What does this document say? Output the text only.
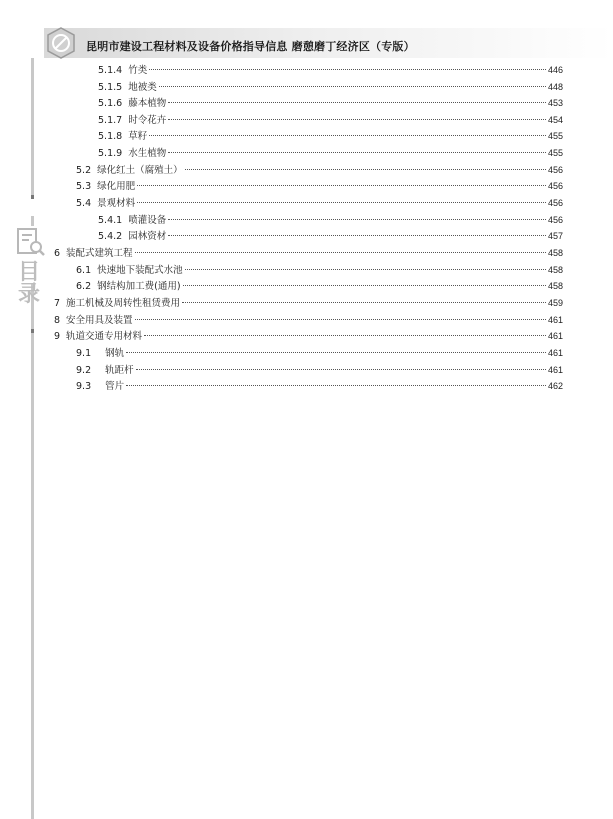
昆明市建设工程材料及设备价格指导信息 磨憩磨丁经济区（专版）
目录
5.1.4 竹类	446
5.1.5 地被类	448
5.1.6 藤本植物	453
5.1.7 时令花卉	454
5.1.8 草籽	455
5.1.9 水生植物	455
5.2 绿化红土（腐殖土）	456
5.3 绿化用肥	456
5.4 景观材料	456
5.4.1 喷灌设备	456
5.4.2 园林资材	457
6 装配式建筑工程	458
6.1 快速地下装配式水池	458
6.2 钢结构加工费(通用)	458
7 施工机械及周转性租赁费用	459
8 安全用具及装置	461
9 轨道交通专用材料	461
9.1 钢轨	461
9.2 轨距杆	461
9.3 管片	462
